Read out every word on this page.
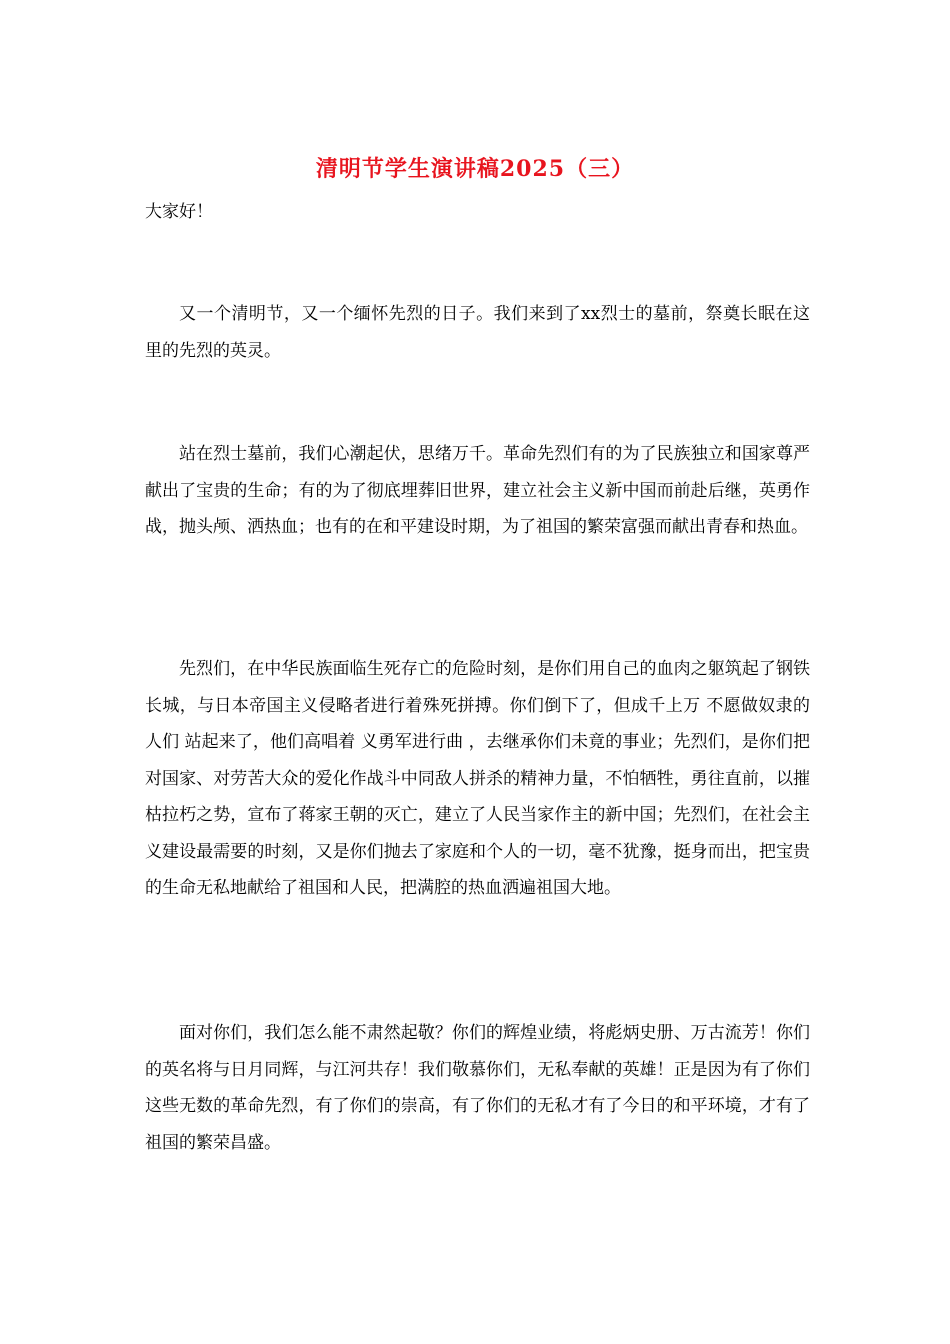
清明节学生演讲稿2025（三）
大家好！

又一个清明节，又一个缅怀先烈的日子。我们来到了xx烈士的墓前，祭奠长眠在这里的先烈的英灵。

站在烈士墓前，我们心潮起伏，思绪万千。革命先烈们有的为了民族独立和国家尊严献出了宝贵的生命；有的为了彻底埋葬旧世界，建立社会主义新中国而前赴后继，英勇作战，抛头颅、洒热血；也有的在和平建设时期，为了祖国的繁荣富强而献出青春和热血。

先烈们，在中华民族面临生死存亡的危险时刻，是你们用自己的血肉之躯筑起了钢铁长城，与日本帝国主义侵略者进行着殊死拼搏。你们倒下了，但成千上万 不愿做奴隶的人们 站起来了，他们高唱着 义勇军进行曲 ，去继承你们未竟的事业；先烈们，是你们把对国家、对劳苦大众的爱化作战斗中同敌人拼杀的精神力量，不怕牺牲，勇往直前，以摧枯拉朽之势，宣布了蒋家王朝的灭亡，建立了人民当家作主的新中国；先烈们，在社会主义建设最需要的时刻，又是你们抛去了家庭和个人的一切，毫不犹豫，挺身而出，把宝贵的生命无私地献给了祖国和人民，把满腔的热血洒遍祖国大地。

面对你们，我们怎么能不肃然起敬？你们的辉煌业绩，将彪炳史册、万古流芳！你们的英名将与日月同辉，与江河共存！我们敬慕你们，无私奉献的英雄！正是因为有了你们这些无数的革命先烈，有了你们的崇高，有了你们的无私才有了今日的和平环境，才有了祖国的繁荣昌盛。
